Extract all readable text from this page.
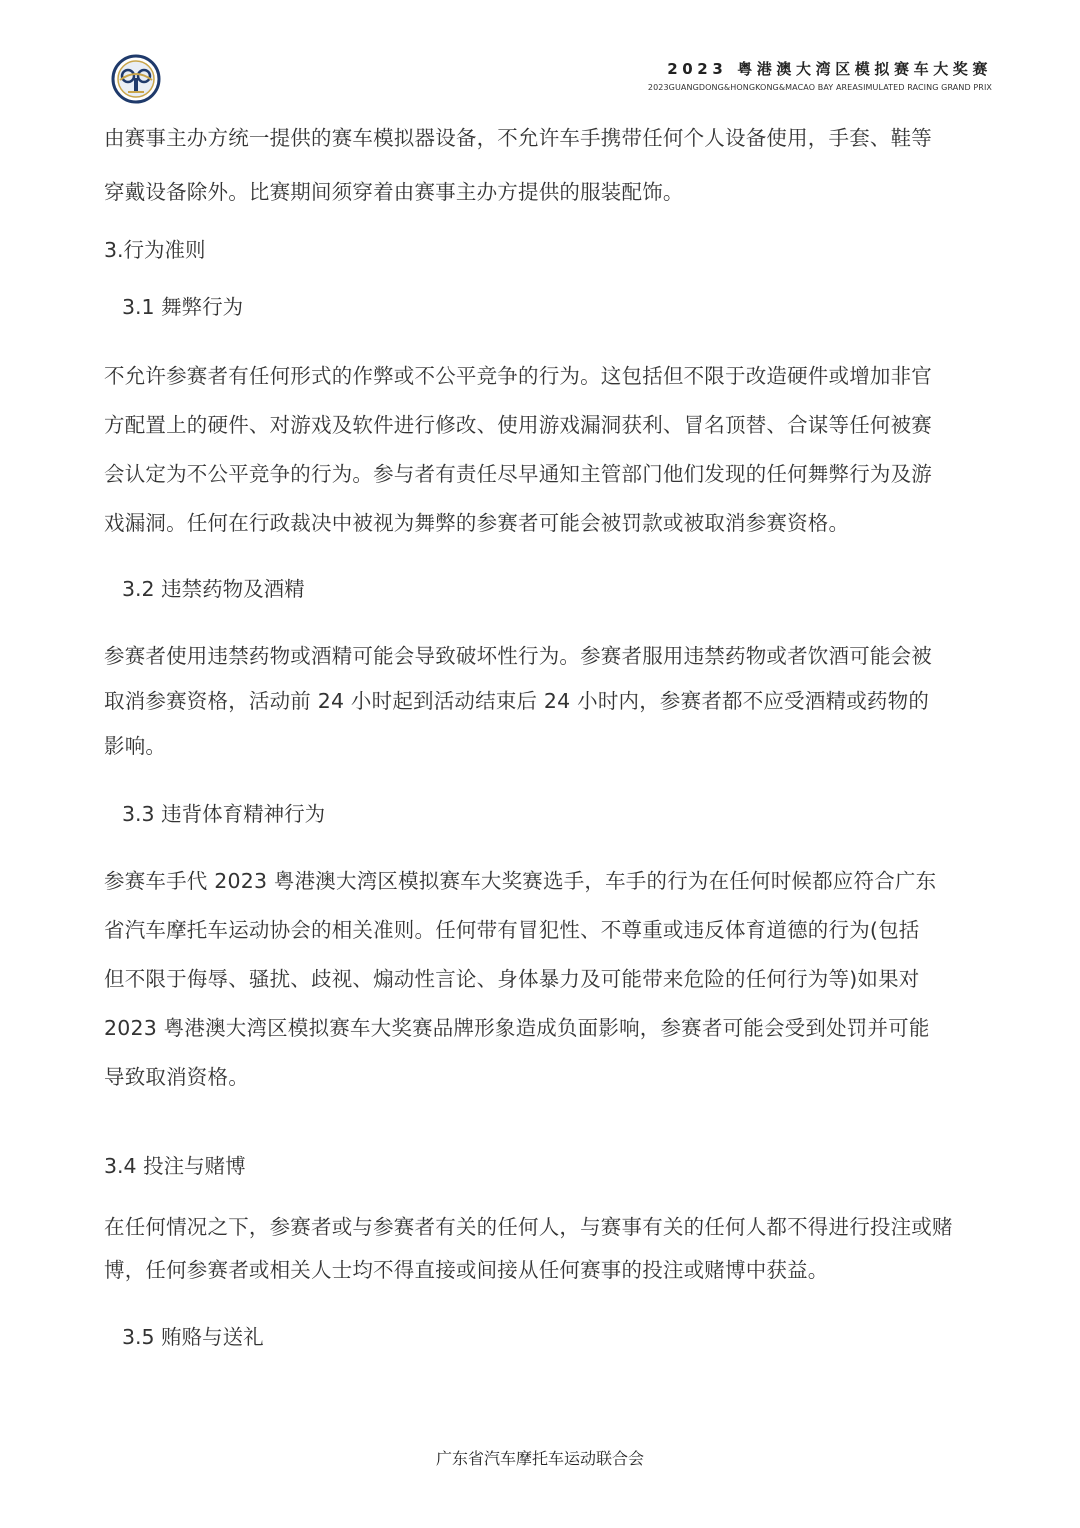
2023 粤港澳大湾区模拟赛车大奖赛
2023GUANGDONG&HONGKONG&MACAO BAY AREASIMULATED RACING GRAND PRIX
由赛事主办方统一提供的赛车模拟器设备，不允许车手携带任何个人设备使用，手套、鞋等
穿戴设备除外。比赛期间须穿着由赛事主办方提供的服装配饰。
3.行为准则
3.1 舞弊行为
不允许参赛者有任何形式的作弊或不公平竞争的行为。这包括但不限于改造硬件或增加非官
方配置上的硬件、对游戏及软件进行修改、使用游戏漏洞获利、冒名顶替、合谋等任何被赛
会认定为不公平竞争的行为。参与者有责任尽早通知主管部门他们发现的任何舞弊行为及游
戏漏洞。任何在行政裁决中被视为舞弊的参赛者可能会被罚款或被取消参赛资格。
3.2 违禁药物及酒精
参赛者使用违禁药物或酒精可能会导致破坏性行为。参赛者服用违禁药物或者饮酒可能会被
取消参赛资格，活动前 24 小时起到活动结束后 24 小时内，参赛者都不应受酒精或药物的
影响。
3.3 违背体育精神行为
参赛车手代 2023 粤港澳大湾区模拟赛车大奖赛选手，车手的行为在任何时候都应符合广东
省汽车摩托车运动协会的相关准则。任何带有冒犯性、不尊重或违反体育道德的行为(包括
但不限于侮辱、骚扰、歧视、煽动性言论、身体暴力及可能带来危险的任何行为等)如果对
2023 粤港澳大湾区模拟赛车大奖赛品牌形象造成负面影响，参赛者可能会受到处罚并可能
导致取消资格。
3.4 投注与赌博
在任何情况之下，参赛者或与参赛者有关的任何人，与赛事有关的任何人都不得进行投注或赌
博，任何参赛者或相关人士均不得直接或间接从任何赛事的投注或赌博中获益。
3.5 贿赂与送礼
广东省汽车摩托车运动联合会
